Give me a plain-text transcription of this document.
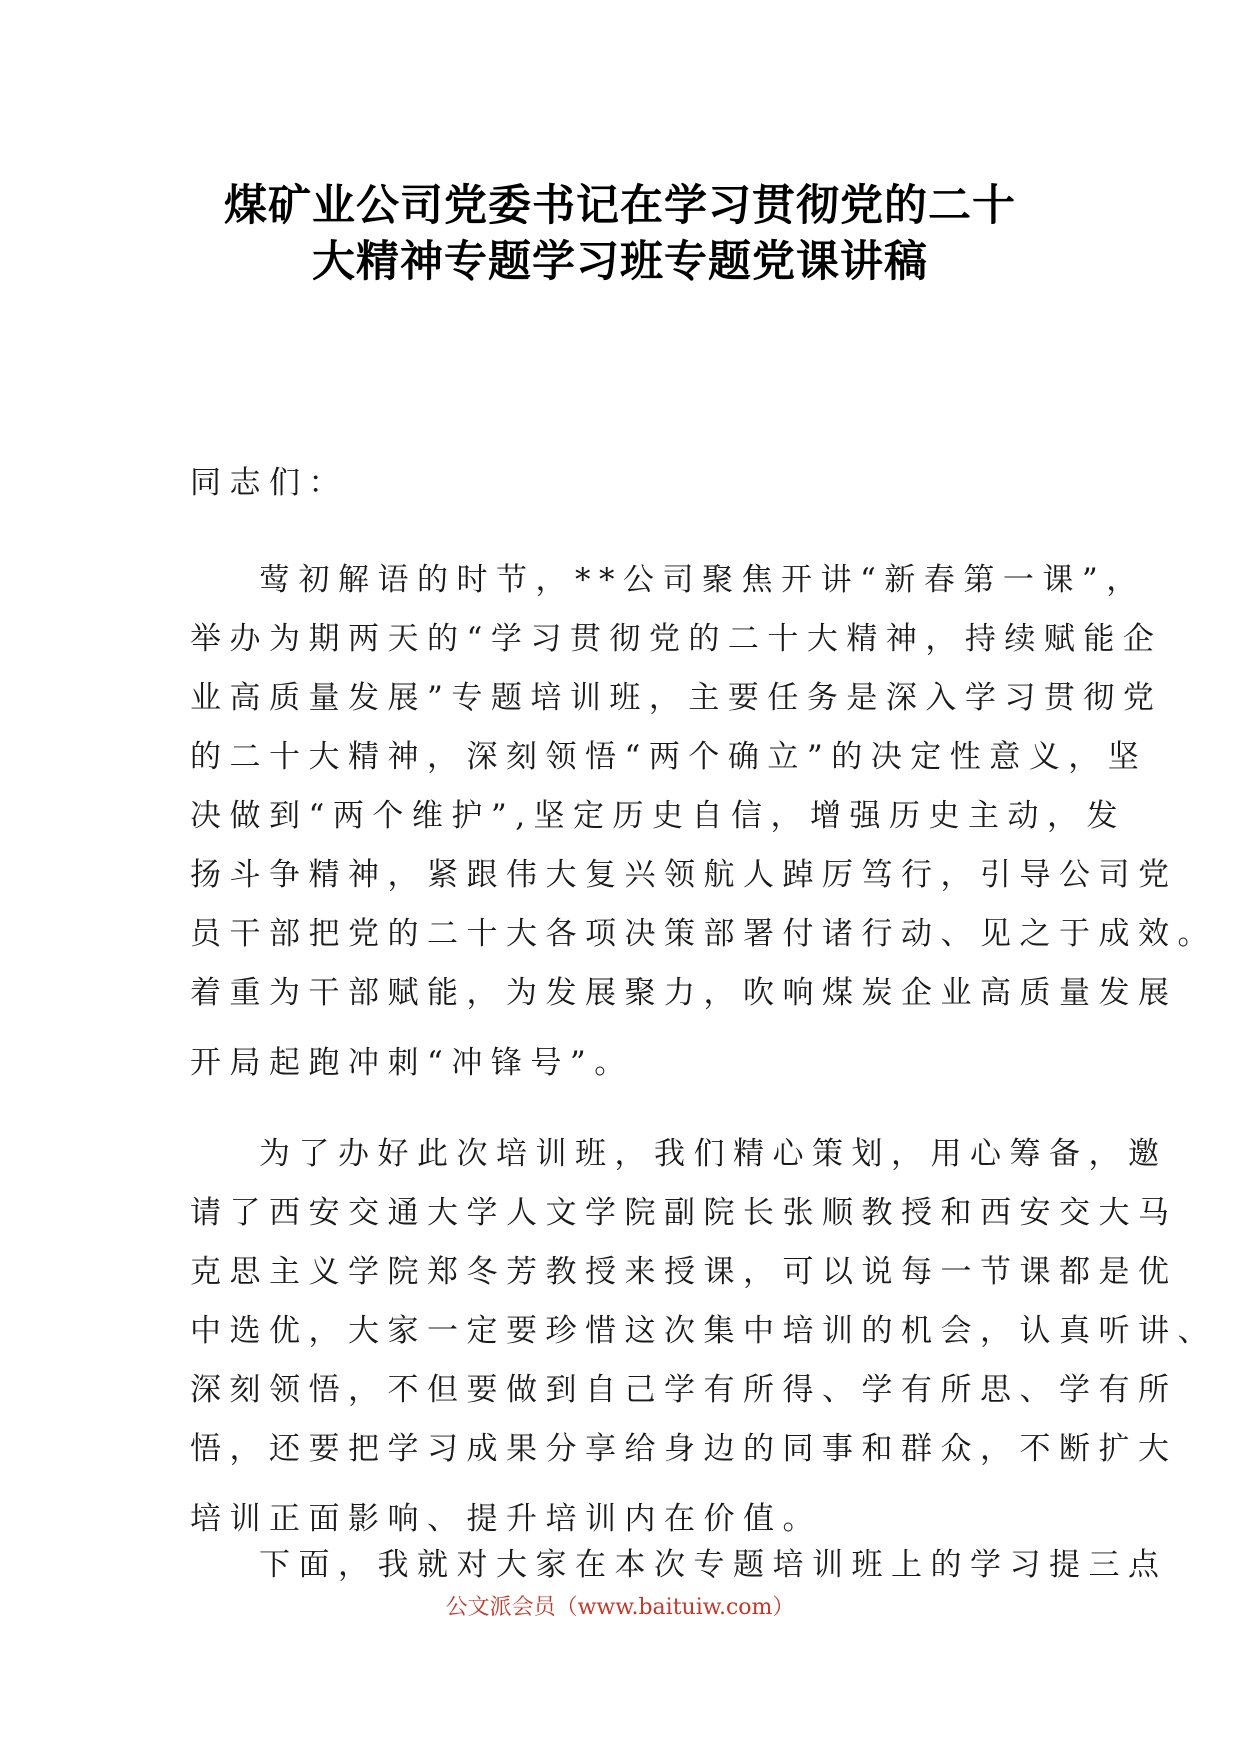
煤矿业公司党委书记在学习贯彻党的二十
大精神专题学习班专题党课讲稿
同志们：
莺初解语的时节，**公司聚焦开讲“新春第一课”，
举办为期两天的“学习贯彻党的二十大精神，持续赋能企
业高质量发展”专题培训班，主要任务是深入学习贯彻党
的二十大精神，深刻领悟“两个确立”的决定性意义，坚
决做到“两个维护”,坚定历史自信，增强历史主动，发
扬斗争精神，紧跟伟大复兴领航人踔厉笃行，引导公司党
员干部把党的二十大各项决策部署付诸行动、见之于成效。
着重为干部赋能，为发展聚力，吹响煤炭企业高质量发展
开局起跑冲刺“冲锋号”。
为了办好此次培训班，我们精心策划，用心筹备，邀
请了西安交通大学人文学院副院长张顺教授和西安交大马
克思主义学院郑冬芳教授来授课，可以说每一节课都是优
中选优，大家一定要珍惜这次集中培训的机会，认真听讲、
深刻领悟，不但要做到自己学有所得、学有所思、学有所
悟，还要把学习成果分享给身边的同事和群众，不断扩大
培训正面影响、提升培训内在价值。
下面，我就对大家在本次专题培训班上的学习提三点
公文派会员（www.baituiw.com）
